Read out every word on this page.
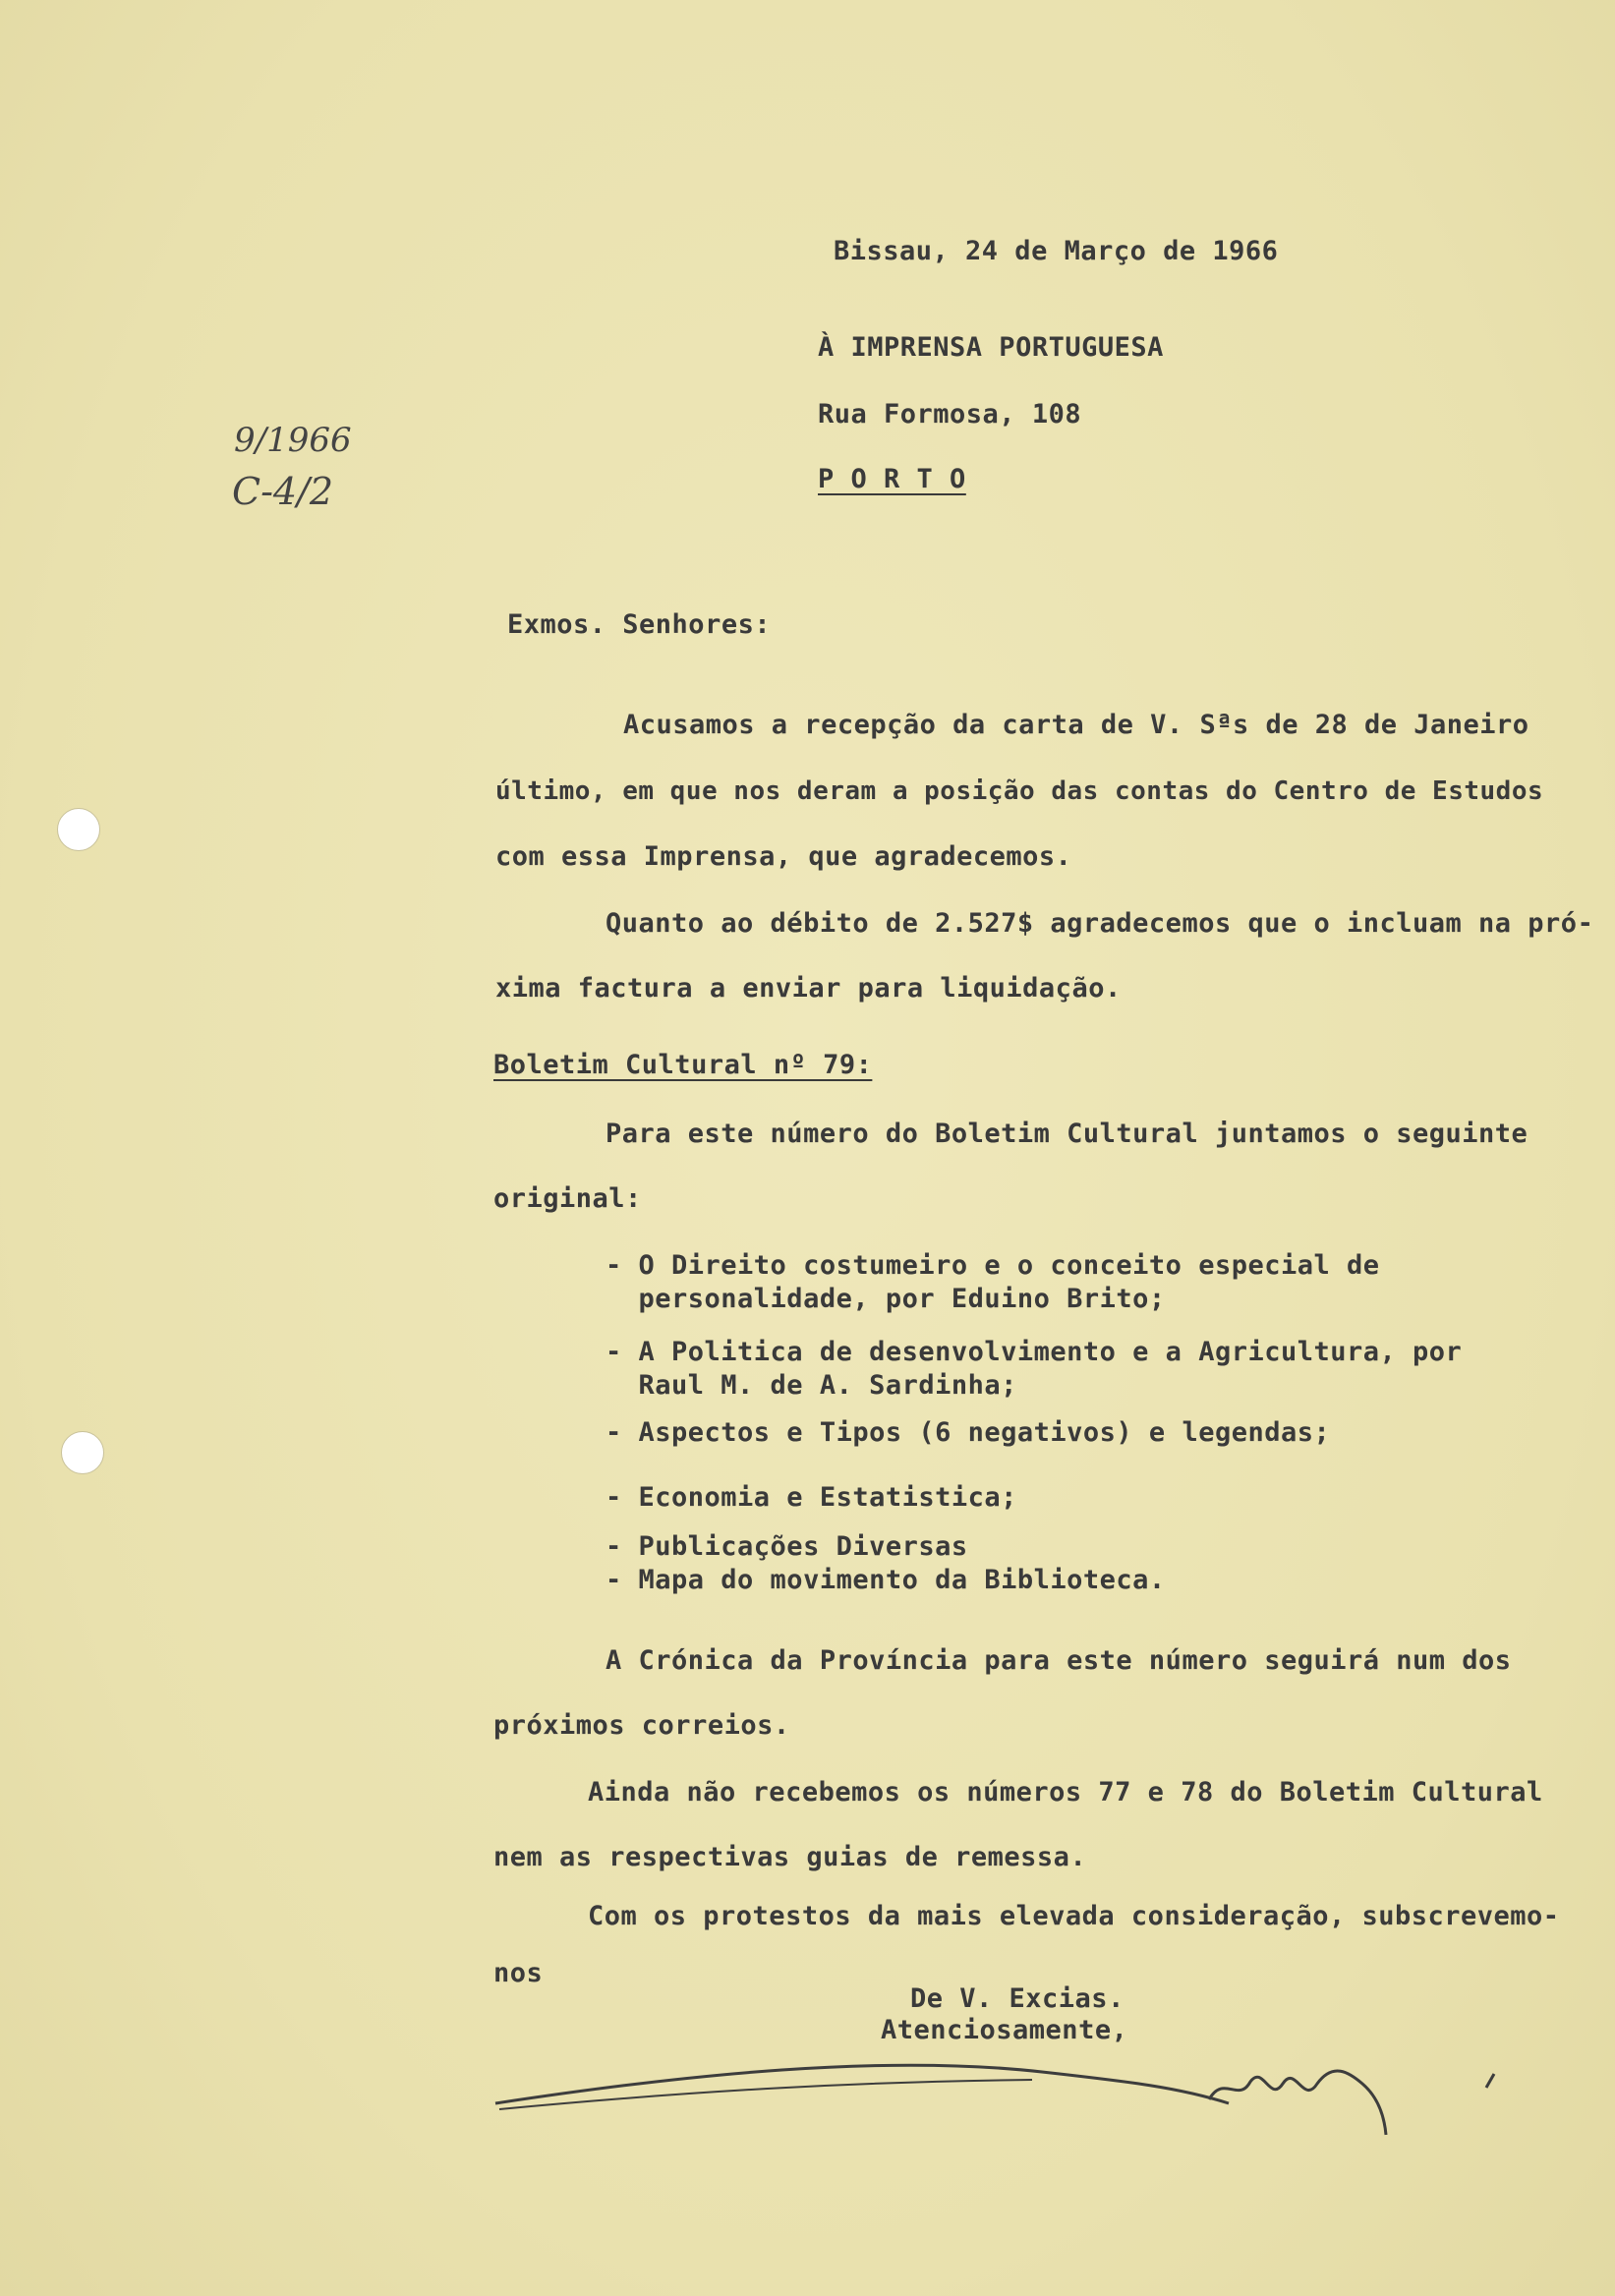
9/1966
C-4/2
Bissau, 24 de Março de 1966
À IMPRENSA PORTUGUESA
Rua Formosa, 108
P O R T O
Exmos. Senhores:
Acusamos a recepção da carta de V. Sªs de 28 de Janeiro
último, em que nos deram a posição das contas do Centro de Estudos
com essa Imprensa, que agradecemos.
Quanto ao débito de 2.527$ agradecemos que o incluam na pró-
xima factura a enviar para liquidação.
Boletim Cultural nº 79:
Para este número do Boletim Cultural juntamos o seguinte
original:
- O Direito costumeiro e o conceito especial de
personalidade, por Eduino Brito;
- A Politica de desenvolvimento e a Agricultura, por
Raul M. de A. Sardinha;
- Aspectos e Tipos (6 negativos) e legendas;
- Economia e Estatistica;
- Publicações Diversas
- Mapa do movimento da Biblioteca.
A Crónica da Província para este número seguirá num dos
próximos correios.
Ainda não recebemos os números 77 e 78 do Boletim Cultural
nem as respectivas guias de remessa.
Com os protestos da mais elevada consideração, subscrevemo-
nos
De V. Excias.
Atenciosamente,
